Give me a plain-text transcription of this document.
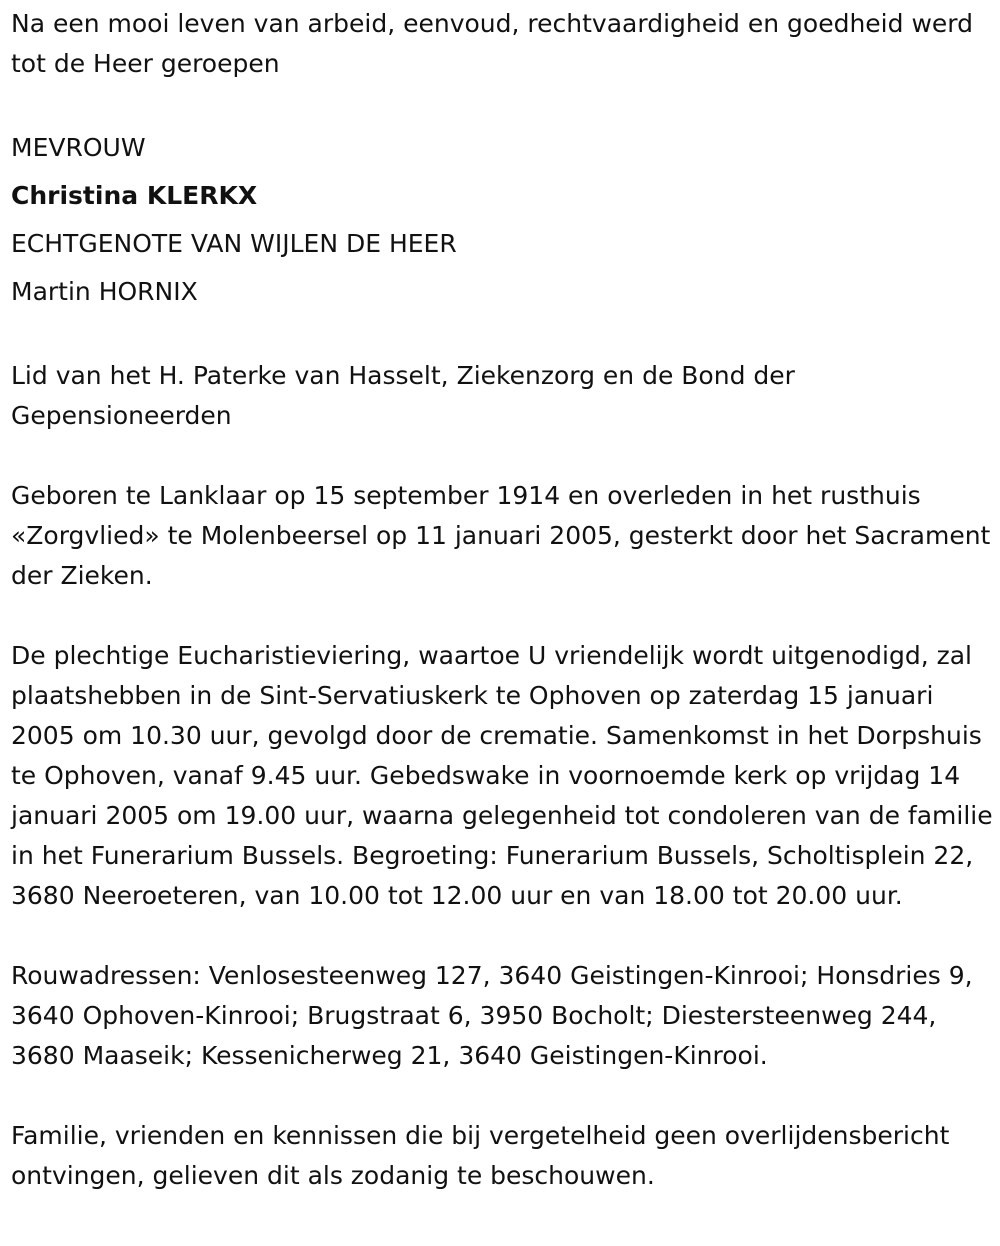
Na een mooi leven van arbeid, eenvoud, rechtvaardigheid en goedheid werd tot de Heer geroepen

MEVROUW
Christina KLERKX
ECHTGENOTE VAN WIJLEN DE HEER
Martin HORNIX

Lid van het H. Paterke van Hasselt, Ziekenzorg en de Bond der Gepensioneerden

Geboren te Lanklaar op 15 september 1914 en overleden in het rusthuis «Zorgvlied» te Molenbeersel op 11 januari 2005, gesterkt door het Sacrament der Zieken.

De plechtige Eucharistieviering, waartoe U vriendelijk wordt uitgenodigd, zal plaatshebben in de Sint-Servatiuskerk te Ophoven op zaterdag 15 januari 2005 om 10.30 uur, gevolgd door de crematie. Samenkomst in het Dorpshuis te Ophoven, vanaf 9.45 uur. Gebedswake in voornoemde kerk op vrijdag 14 januari 2005 om 19.00 uur, waarna gelegenheid tot condoleren van de familie in het Funerarium Bussels. Begroeting: Funerarium Bussels, Scholtisplein 22, 3680 Neeroeteren, van 10.00 tot 12.00 uur en van 18.00 tot 20.00 uur.

Rouwadressen: Venlosesteenweg 127, 3640 Geistingen-Kinrooi; Honsdries 9, 3640 Ophoven-Kinrooi; Brugstraat 6, 3950 Bocholt; Diestersteenweg 244, 3680 Maaseik; Kessenicherweg 21, 3640 Geistingen-Kinrooi.

Familie, vrienden en kennissen die bij vergetelheid geen overlijdensbericht ontvingen, gelieven dit als zodanig te beschouwen.
